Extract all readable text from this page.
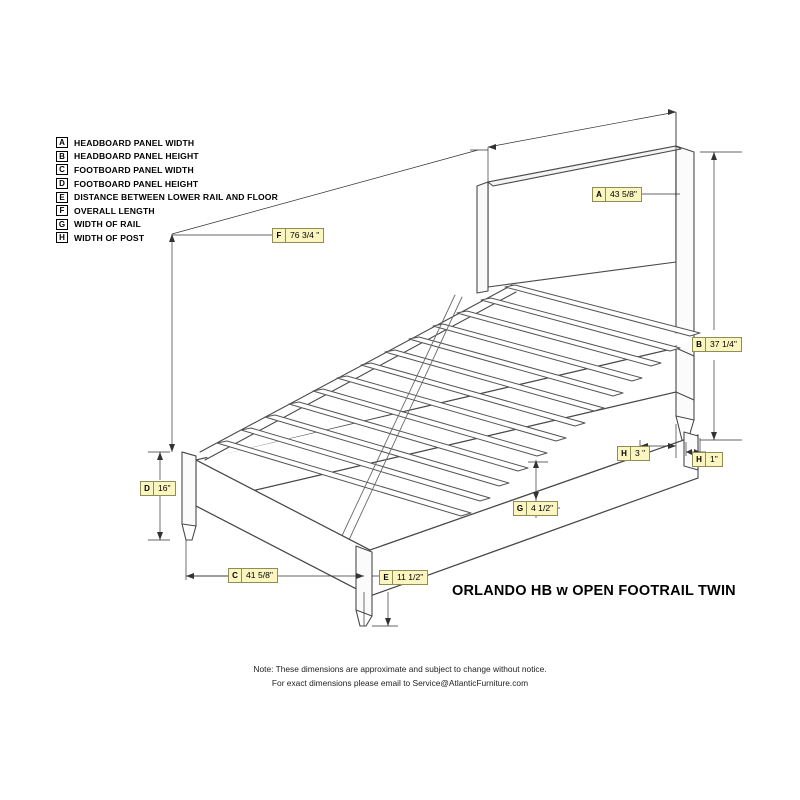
A	HEADBOARD PANEL WIDTH
B	HEADBOARD PANEL HEIGHT
C	FOOTBOARD PANEL WIDTH
D	FOOTBOARD PANEL HEIGHT
E	DISTANCE BETWEEN LOWER RAIL AND FLOOR
F	OVERALL LENGTH
G	WIDTH OF RAIL
H	WIDTH OF POST
A 43 5/8"
B 37 1/4"
C 41 5/8"
D 16"
E 11 1/2"
F 76 3/4 "
G 4 1/2"
H 3 "
H 1"
ORLANDO HB w OPEN FOOTRAIL TWIN
Note: These dimensions are approximate and subject to change without notice.
For exact dimensions please email to Service@AtlanticFurniture.com
